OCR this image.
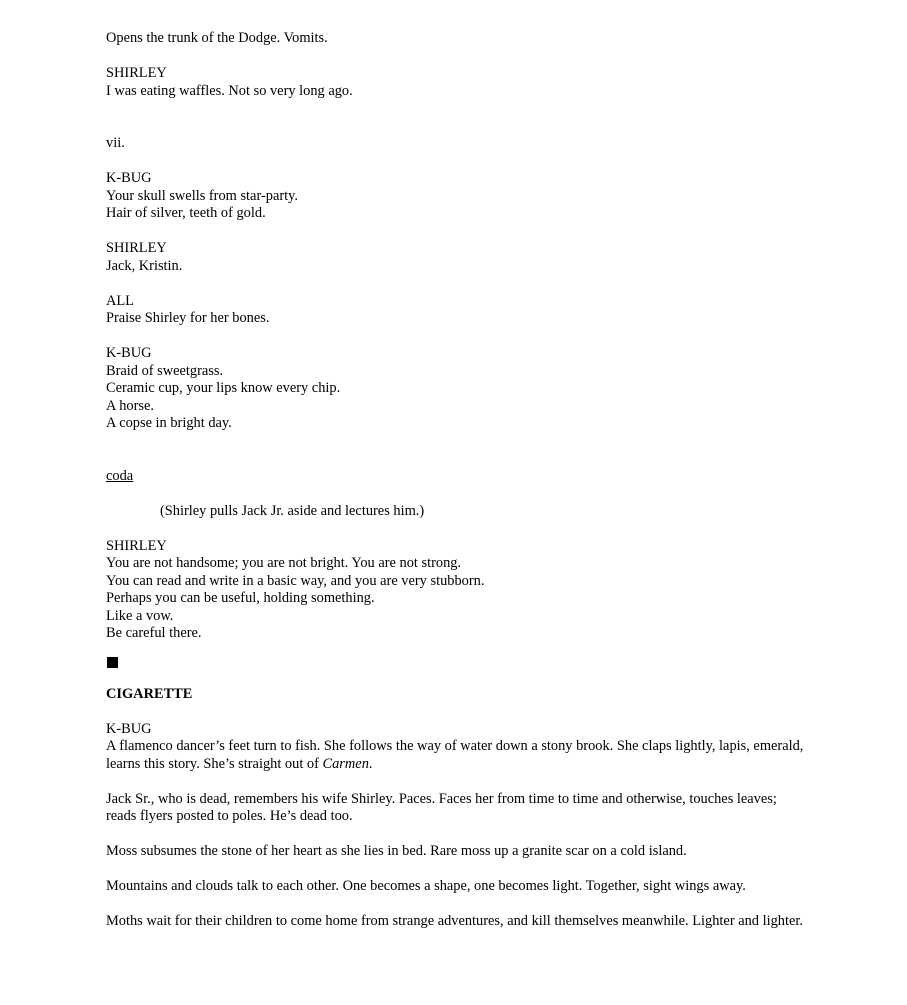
Opens the trunk of the Dodge. Vomits.
SHIRLEY
I was eating waffles. Not so very long ago.
vii.
K-BUG
Your skull swells from star-party.
Hair of silver, teeth of gold.
SHIRLEY
Jack, Kristin.
ALL
Praise Shirley for her bones.
K-BUG
Braid of sweetgrass.
Ceramic cup, your lips know every chip.
A horse.
A copse in bright day.
coda
(Shirley pulls Jack Jr. aside and lectures him.)
SHIRLEY
You are not handsome; you are not bright. You are not strong.
You can read and write in a basic way, and you are very stubborn.
Perhaps you can be useful, holding something.
Like a vow.
Be careful there.
CIGARETTE
K-BUG
A flamenco dancer’s feet turn to fish. She follows the way of water down a stony brook. She claps lightly, lapis, emerald, learns this story. She’s straight out of Carmen.
Jack Sr., who is dead, remembers his wife Shirley. Paces. Faces her from time to time and otherwise, touches leaves; reads flyers posted to poles. He’s dead too.
Moss subsumes the stone of her heart as she lies in bed. Rare moss up a granite scar on a cold island.
Mountains and clouds talk to each other. One becomes a shape, one becomes light. Together, sight wings away.
Moths wait for their children to come home from strange adventures, and kill themselves meanwhile. Lighter and lighter.
